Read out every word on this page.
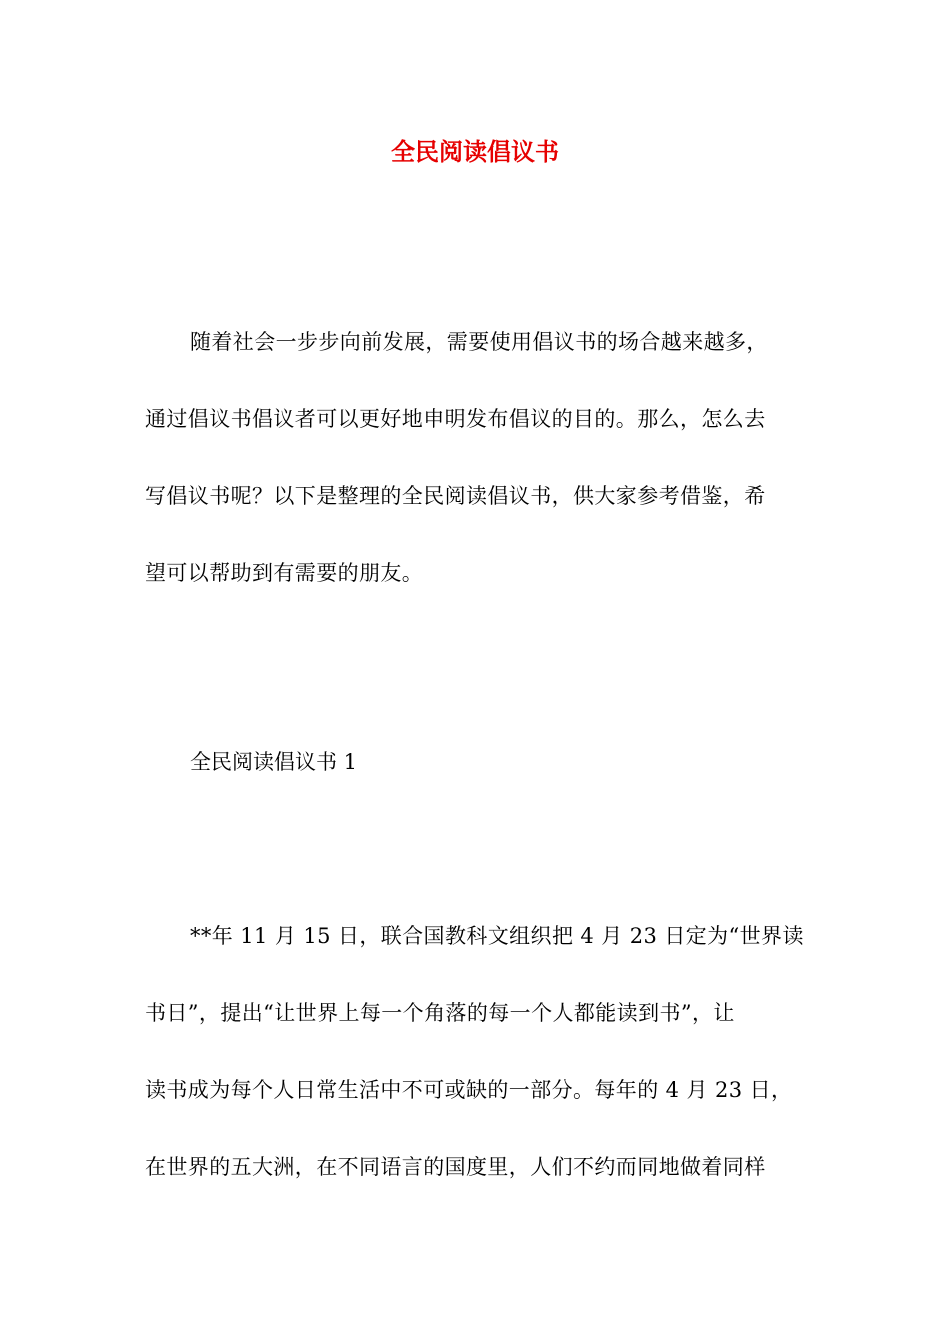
全民阅读倡议书
随着社会一步步向前发展，需要使用倡议书的场合越来越多，
通过倡议书倡议者可以更好地申明发布倡议的目的。那么，怎么去
写倡议书呢？以下是整理的全民阅读倡议书，供大家参考借鉴，希
望可以帮助到有需要的朋友。
全民阅读倡议书 1
**年 11 月 15 日，联合国教科文组织把 4 月 23 日定为“世界读
书日”，提出“让世界上每一个角落的每一个人都能读到书”，让
读书成为每个人日常生活中不可或缺的一部分。每年的 4 月 23 日，
在世界的五大洲，在不同语言的国度里，人们不约而同地做着同样
